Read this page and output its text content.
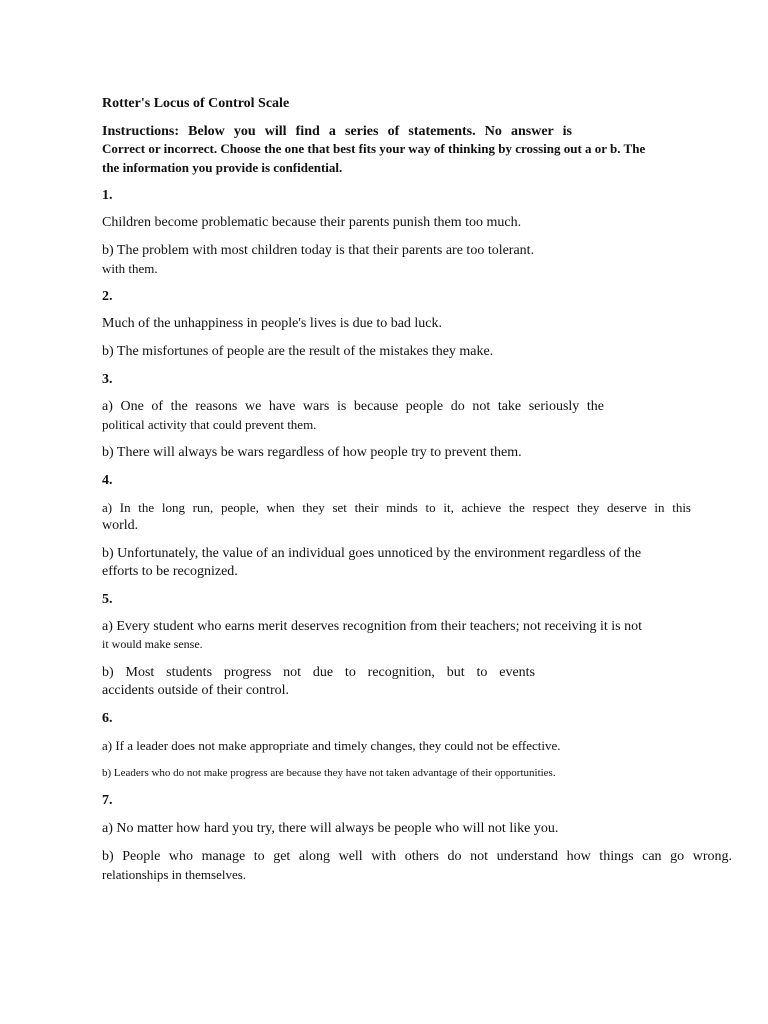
Rotter's Locus of Control Scale
Instructions: Below you will find a series of statements. No answer is
Correct or incorrect. Choose the one that best fits your way of thinking by crossing out a or b. The
the information you provide is confidential.
1.
Children become problematic because their parents punish them too much.
b) The problem with most children today is that their parents are too tolerant.
with them.
2.
Much of the unhappiness in people's lives is due to bad luck.
b) The misfortunes of people are the result of the mistakes they make.
3.
a) One of the reasons we have wars is because people do not take seriously the
political activity that could prevent them.
b) There will always be wars regardless of how people try to prevent them.
4.
a) In the long run, people, when they set their minds to it, achieve the respect they deserve in this
world.
b) Unfortunately, the value of an individual goes unnoticed by the environment regardless of the
efforts to be recognized.
5.
a) Every student who earns merit deserves recognition from their teachers; not receiving it is not
it would make sense.
b) Most students progress not due to recognition, but to events
accidents outside of their control.
6.
a) If a leader does not make appropriate and timely changes, they could not be effective.
b) Leaders who do not make progress are because they have not taken advantage of their opportunities.
7.
a) No matter how hard you try, there will always be people who will not like you.
b) People who manage to get along well with others do not understand how things can go wrong.
relationships in themselves.
